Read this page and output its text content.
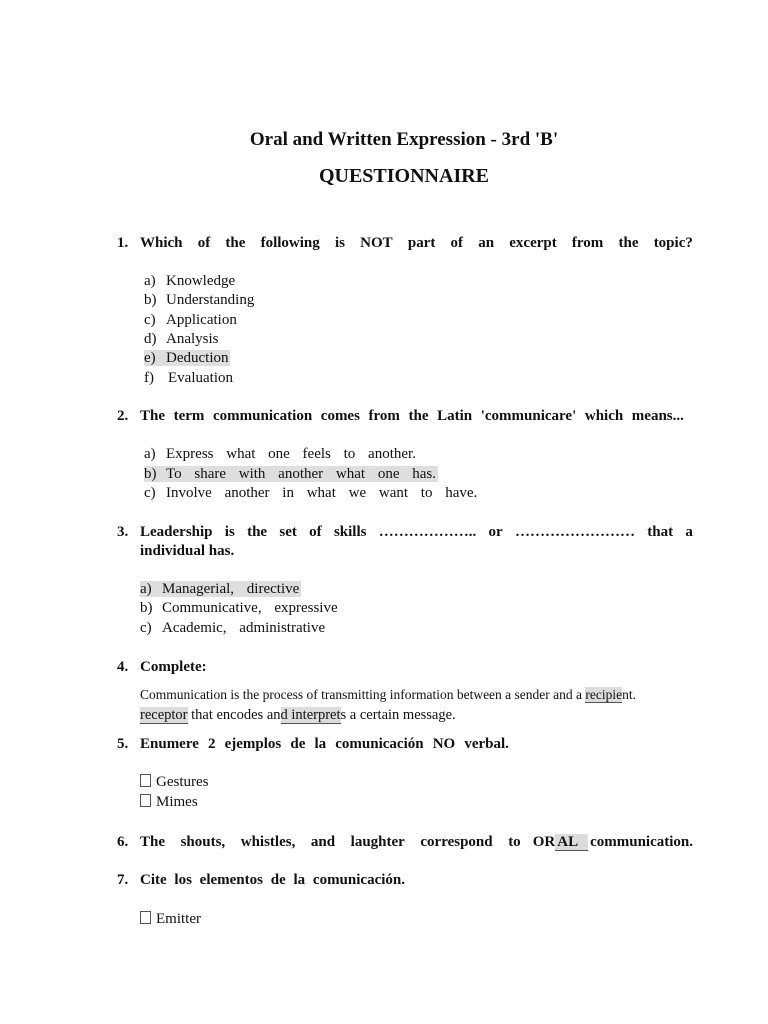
Oral and Written Expression - 3rd 'B'
QUESTIONNAIRE
1. Which of the following is NOT part of an excerpt from the topic?
a) Knowledge
b) Understanding
c) Application
d) Analysis
e) Deduction
f) Evaluation
2. The term communication comes from the Latin 'communicare' which means...
a) Express what one feels to another.
b) To share with another what one has.
c) Involve another in what we want to have.
3. Leadership is the set of skills ……………….. or …………………… that a
individual has.
a) Managerial, directive
b) Communicative, expressive
c) Academic, administrative
4. Complete:
Communication is the process of transmitting information between a sender and a recipient.
receptor that encodes and interprets a certain message.
5. Enumere 2 ejemplos de la comunicación NO verbal.
Gestures
Mimes
6. The shouts, whistles, and laughter correspond to OR AL communication.
7. Cite los elementos de la comunicación.
Emitter
